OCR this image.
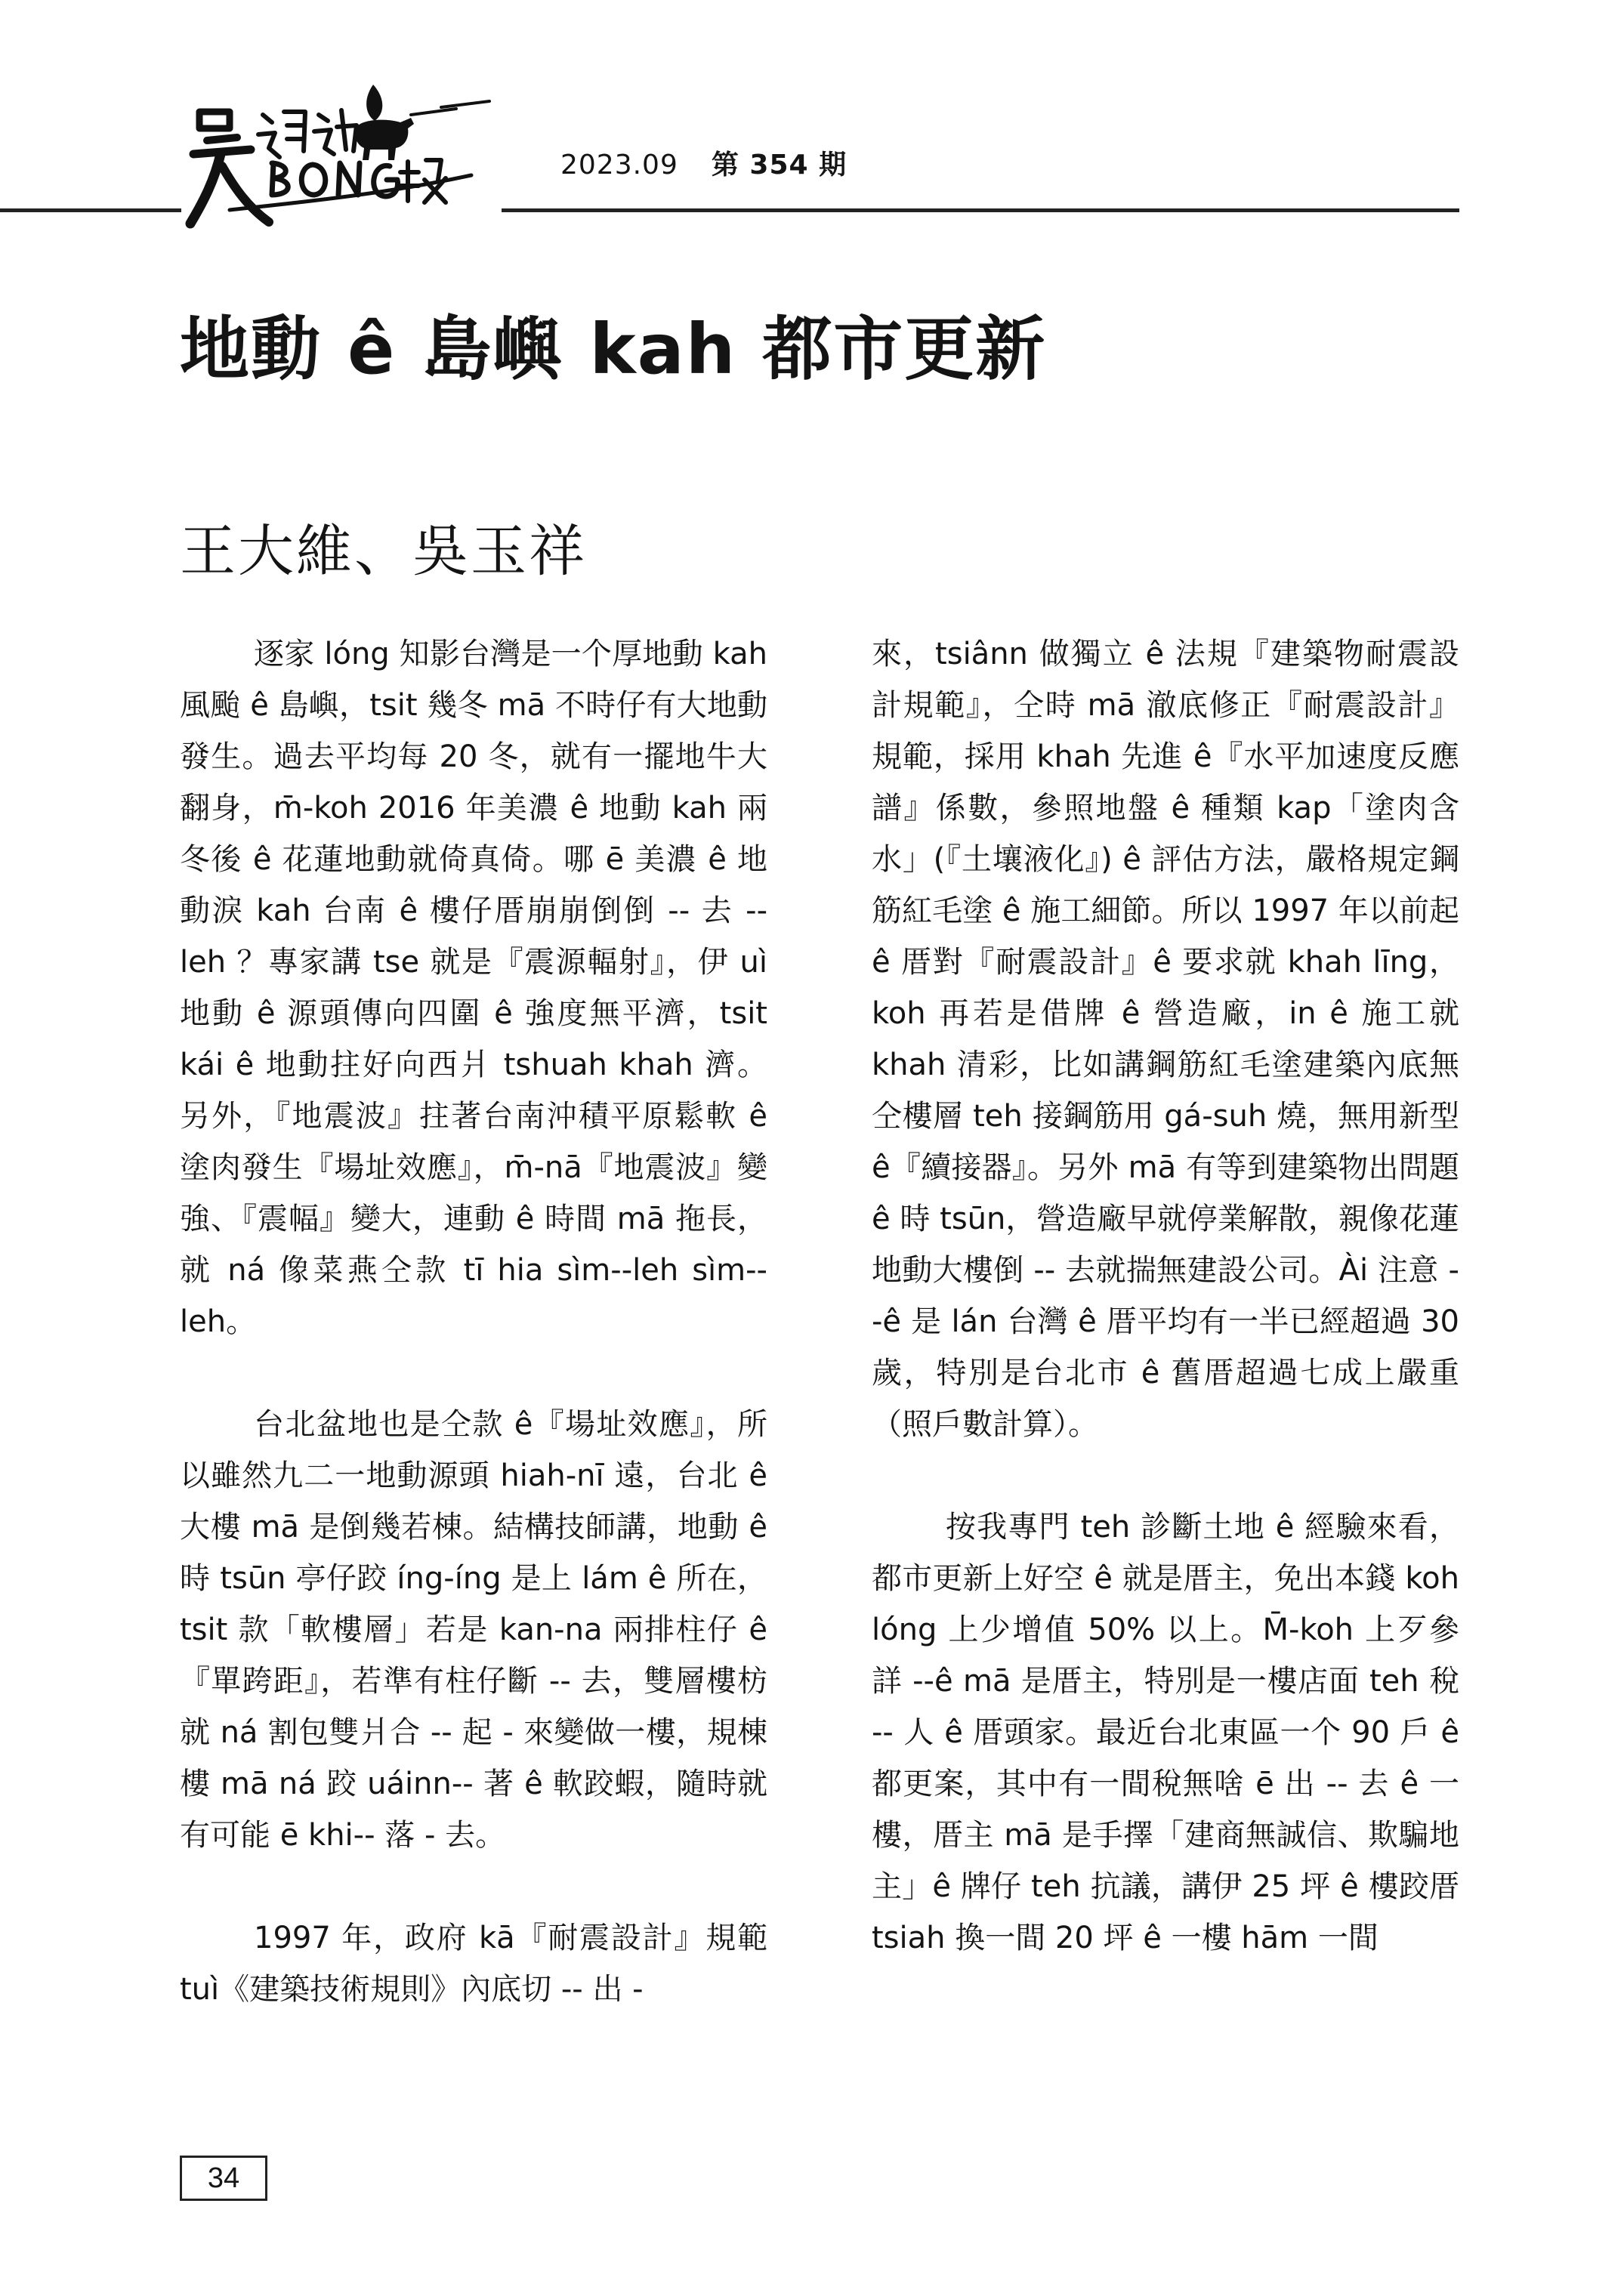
2023.09 第 354 期
地動 ê 島嶼 kah 都市更新
王大維、吳玉祥

逐家 lóng 知影台灣是一个厚地動 kah 風颱 ê 島嶼，tsit 幾冬 mā 不時仔有大地動發生。過去平均每 20 冬，就有一擺地牛大翻身，m̄-koh 2016 年美濃 ê 地動 kah 兩冬後 ê 花蓮地動就倚真倚。哪 ē 美濃 ê 地動淚 kah 台南 ê 樓仔厝崩崩倒倒 -- 去 --leh ？專家講 tse 就是『震源輻射』，伊 uì 地動 ê 源頭傳向四圍 ê 強度無平濟，tsit kái ê 地動拄好向西爿 tshuah khah 濟。另外，『地震波』拄著台南沖積平原鬆軟 ê 塗肉發生『場址效應』，m̄-nā『地震波』變強、『震幅』變大，連動 ê 時間 mā 拖長，就 ná 像菜燕仝款 tī hia sìm--leh sìm--leh。

台北盆地也是仝款 ê『場址效應』，所以雖然九二一地動源頭 hiah-nī 遠，台北 ê 大樓 mā 是倒幾若棟。結構技師講，地動 ê 時 tsūn 亭仔跤 íng-íng 是上 lám ê 所在，tsit 款「軟樓層」若是 kan-na 兩排柱仔 ê『單跨距』，若準有柱仔斷 -- 去，雙層樓枋就 ná 割包雙爿合 -- 起 - 來變做一樓，規棟樓 mā ná 跤 uáinn-- 著 ê 軟跤蝦，隨時就有可能 ē khi-- 落 - 去。

1997 年，政府 kā『耐震設計』規範 tuì《建築技術規則》內底切 -- 出 -

來，tsiânn 做獨立 ê 法規『建築物耐震設計規範』，仝時 mā 澈底修正『耐震設計』規範，採用 khah 先進 ê『水平加速度反應譜』係數，參照地盤 ê 種類 kap「塗肉含水」(『土壤液化』) ê 評估方法，嚴格規定鋼筋紅毛塗 ê 施工細節。所以 1997 年以前起 ê 厝對『耐震設計』ê 要求就 khah līng，koh 再若是借牌 ê 營造廠，in ê 施工就 khah 清彩，比如講鋼筋紅毛塗建築內底無仝樓層 teh 接鋼筋用 gá-suh 燒，無用新型 ê『續接器』。另外 mā 有等到建築物出問題 ê 時 tsūn，營造廠早就停業解散，親像花蓮地動大樓倒 -- 去就揣無建設公司。Ài 注意 --ê 是 lán 台灣 ê 厝平均有一半已經超過 30 歲，特別是台北市 ê 舊厝超過七成上嚴重（照戶數計算）。

按我專門 teh 診斷土地 ê 經驗來看，都市更新上好空 ê 就是厝主，免出本錢 koh lóng 上少增值 50% 以上。M̄-koh 上歹參詳 --ê mā 是厝主，特別是一樓店面 teh 稅 -- 人 ê 厝頭家。最近台北東區一个 90 戶 ê 都更案，其中有一間稅無啥 ē 出 -- 去 ê 一樓，厝主 mā 是手擇「建商無誠信、欺騙地主」ê 牌仔 teh 抗議，講伊 25 坪 ê 樓跤厝 tsiah 換一間 20 坪 ê 一樓 hām 一間

34
